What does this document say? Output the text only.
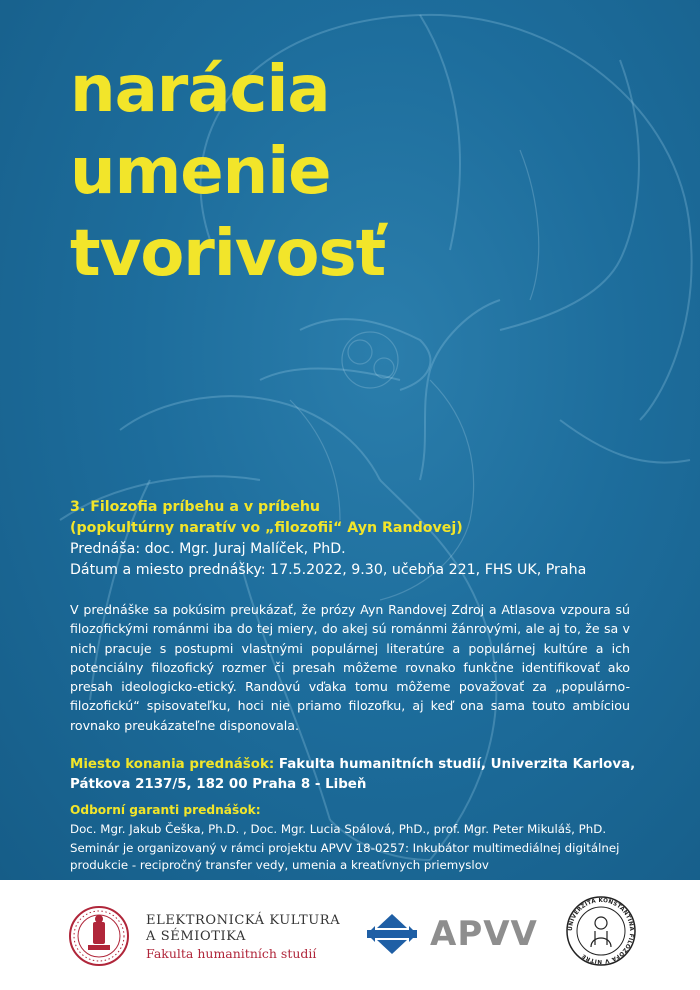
narácia
umenie
tvorivosť
3. Filozofia príbehu a v príbehu
(popkultúrny naratív vo „filozofii“ Ayn Randovej)
Prednáša: doc. Mgr. Juraj Malíček, PhD.
Dátum a miesto prednášky: 17.5.2022, 9.30, učebňa 221, FHS UK, Praha
V prednáške sa pokúsim preukázať, že prózy Ayn Randovej Zdroj a Atlasova vzpoura sú filozofickými románmi iba do tej miery, do akej sú románmi žánrovými, ale aj to, že sa v nich pracuje s postupmi vlastnými populárnej literatúre a populárnej kultúre a ich potenciálny filozofický rozmer či presah môžeme rovnako funkčne identifikovať ako presah ideologicko-etický. Randovú vďaka tomu môžeme považovať za „populárno-filozofickú“ spisovateľku, hoci nie priamo filozofku, aj keď ona sama touto ambíciou rovnako preukázateľne disponovala.
Miesto konania prednášok: Fakulta humanitních studií, Univerzita Karlova,
Pátkova 2137/5, 182 00 Praha 8 - Libeň
Odborní garanti prednášok:
Doc. Mgr. Jakub Češka, Ph.D. , Doc. Mgr. Lucia Spálová, PhD., prof. Mgr. Peter Mikuláš, PhD.
Seminár je organizovaný v rámci projektu APVV 18-0257: Inkubátor multimediálnej digitálnej
produkcie - recipročný transfer vedy, umenia a kreatívnych priemyslov
ELEKTRONICKÁ KULTURA
A SÉMIOTIKA
Fakulta humanitních studií	APVV	UNIVERZITA KONŠTANTÍNA FILOZOFA V NITRE
